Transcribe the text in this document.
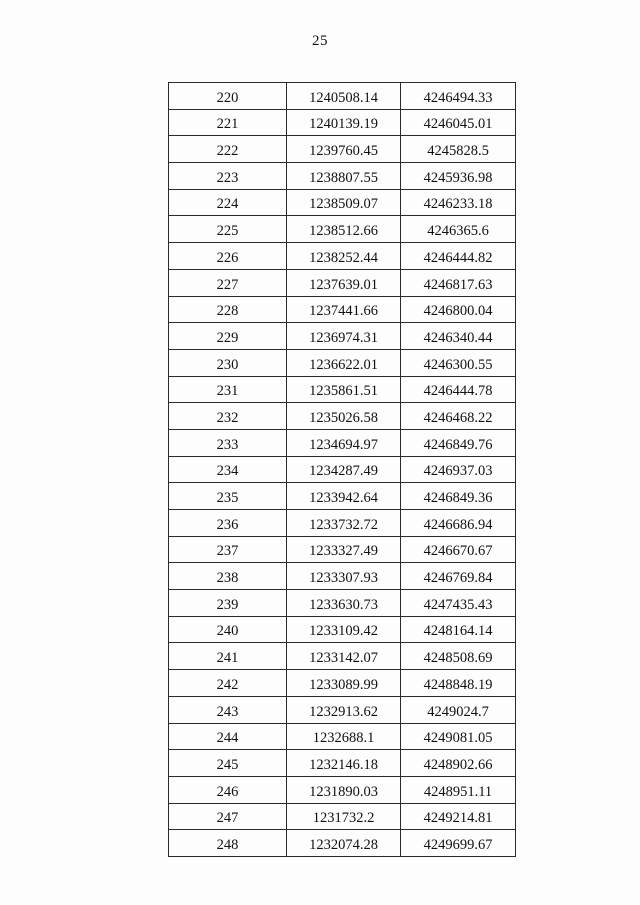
25
220	1240508.14	4246494.33
221	1240139.19	4246045.01
222	1239760.45	4245828.5
223	1238807.55	4245936.98
224	1238509.07	4246233.18
225	1238512.66	4246365.6
226	1238252.44	4246444.82
227	1237639.01	4246817.63
228	1237441.66	4246800.04
229	1236974.31	4246340.44
230	1236622.01	4246300.55
231	1235861.51	4246444.78
232	1235026.58	4246468.22
233	1234694.97	4246849.76
234	1234287.49	4246937.03
235	1233942.64	4246849.36
236	1233732.72	4246686.94
237	1233327.49	4246670.67
238	1233307.93	4246769.84
239	1233630.73	4247435.43
240	1233109.42	4248164.14
241	1233142.07	4248508.69
242	1233089.99	4248848.19
243	1232913.62	4249024.7
244	1232688.1	4249081.05
245	1232146.18	4248902.66
246	1231890.03	4248951.11
247	1231732.2	4249214.81
248	1232074.28	4249699.67
